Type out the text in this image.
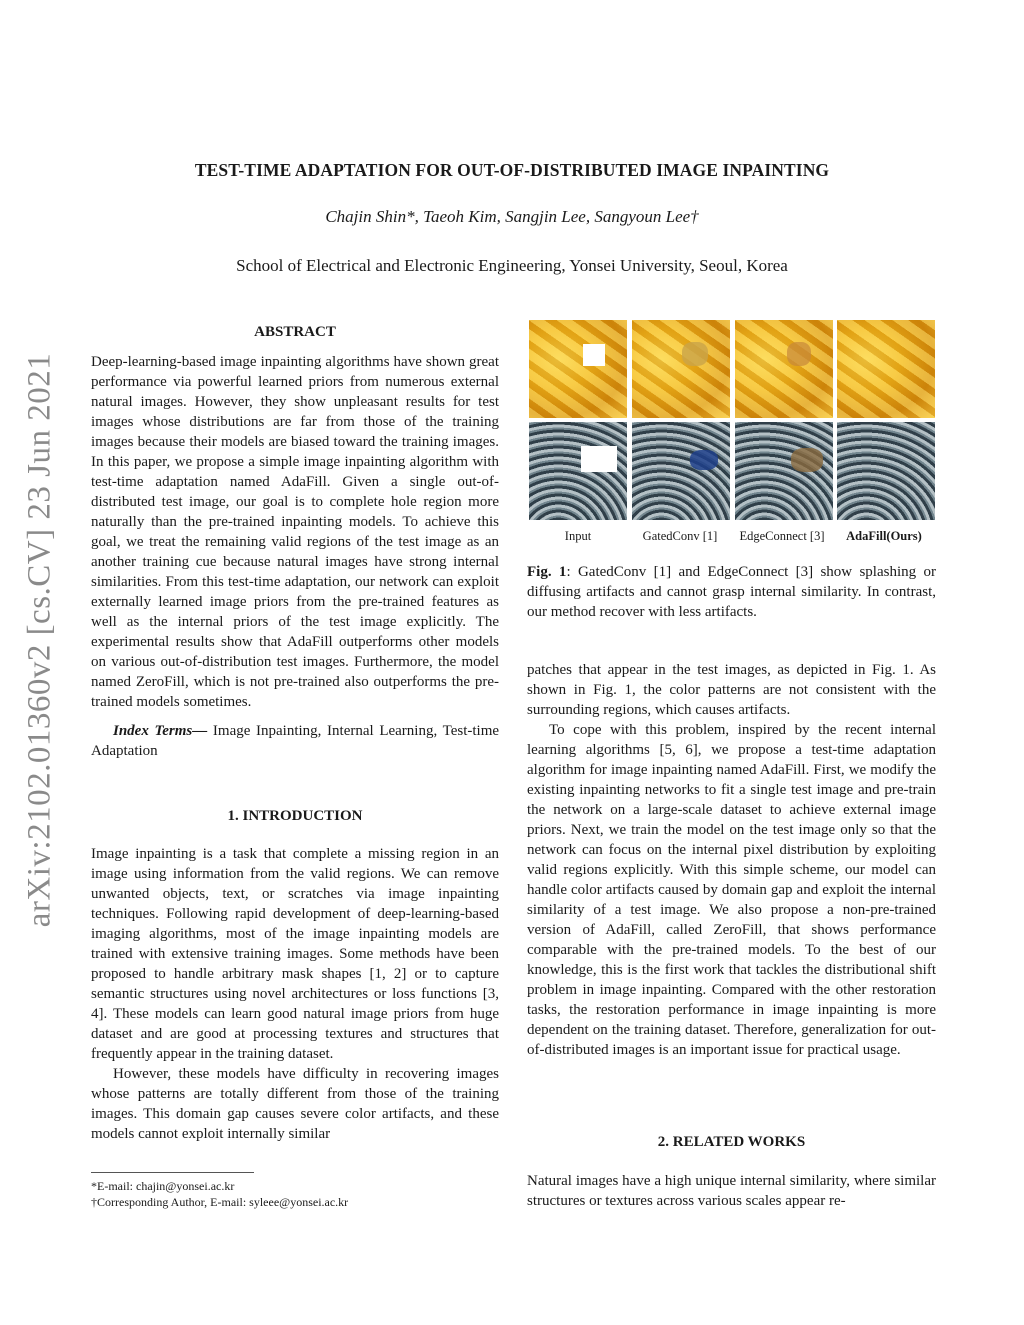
TEST-TIME ADAPTATION FOR OUT-OF-DISTRIBUTED IMAGE INPAINTING
Chajin Shin*, Taeoh Kim, Sangjin Lee, Sangyoun Lee†
School of Electrical and Electronic Engineering, Yonsei University, Seoul, Korea
arXiv:2102.01360v2 [cs.CV] 23 Jun 2021
ABSTRACT

Deep-learning-based image inpainting algorithms have shown great performance via powerful learned priors from numerous external natural images. However, they show unpleasant results for test images whose distributions are far from those of the training images because their models are biased toward the training images. In this paper, we propose a simple image inpainting algorithm with test-time adaptation named AdaFill. Given a single out-of-distributed test image, our goal is to complete hole region more naturally than the pre-trained inpainting models. To achieve this goal, we treat the remaining valid regions of the test image as an another training cue because natural images have strong internal similarities. From this test-time adaptation, our network can exploit externally learned image priors from the pre-trained features as well as the internal priors of the test image explicitly. The experimental results show that AdaFill outperforms other models on various out-of-distribution test images. Furthermore, the model named ZeroFill, which is not pre-trained also outperforms the pre-trained models sometimes.

Index Terms— Image Inpainting, Internal Learning, Test-time Adaptation

1. INTRODUCTION

Image inpainting is a task that complete a missing region in an image using information from the valid regions. We can remove unwanted objects, text, or scratches via image inpainting techniques. Following rapid development of deep-learning-based imaging algorithms, most of the image inpainting models are trained with extensive training images. Some methods have been proposed to handle arbitrary mask shapes [1, 2] or to capture semantic structures using novel architectures or loss functions [3, 4]. These models can learn good natural image priors from huge dataset and are good at processing textures and structures that frequently appear in the training dataset.

However, these models have difficulty in recovering images whose patterns are totally different from those of the training images. This domain gap causes severe color artifacts, and these models cannot exploit internally similar

*E-mail: chajin@yonsei.ac.kr
†Corresponding Author, E-mail: syleee@yonsei.ac.kr
Input	GatedConv [1]	EdgeConnect [3]	AdaFill(Ours)
Fig. 1: GatedConv [1] and EdgeConnect [3] show splashing or diffusing artifacts and cannot grasp internal similarity. In contrast, our method recover with less artifacts.

patches that appear in the test images, as depicted in Fig. 1. As shown in Fig. 1, the color patterns are not consistent with the surrounding regions, which causes artifacts.

To cope with this problem, inspired by the recent internal learning algorithms [5, 6], we propose a test-time adaptation algorithm for image inpainting named AdaFill. First, we modify the existing inpainting networks to fit a single test image and pre-train the network on a large-scale dataset to achieve external image priors. Next, we train the model on the test image only so that the network can focus on the internal pixel distribution by exploiting valid regions explicitly. With this simple scheme, our model can handle color artifacts caused by domain gap and exploit the internal similarity of a test image. We also propose a non-pre-trained version of AdaFill, called ZeroFill, that shows performance comparable with the pre-trained models. To the best of our knowledge, this is the first work that tackles the distributional shift problem in image inpainting. Compared with the other restoration tasks, the restoration performance in image inpainting is more dependent on the training dataset. Therefore, generalization for out-of-distributed images is an important issue for practical usage.

2. RELATED WORKS

Natural images have a high unique internal similarity, where similar structures or textures across various scales appear re-
